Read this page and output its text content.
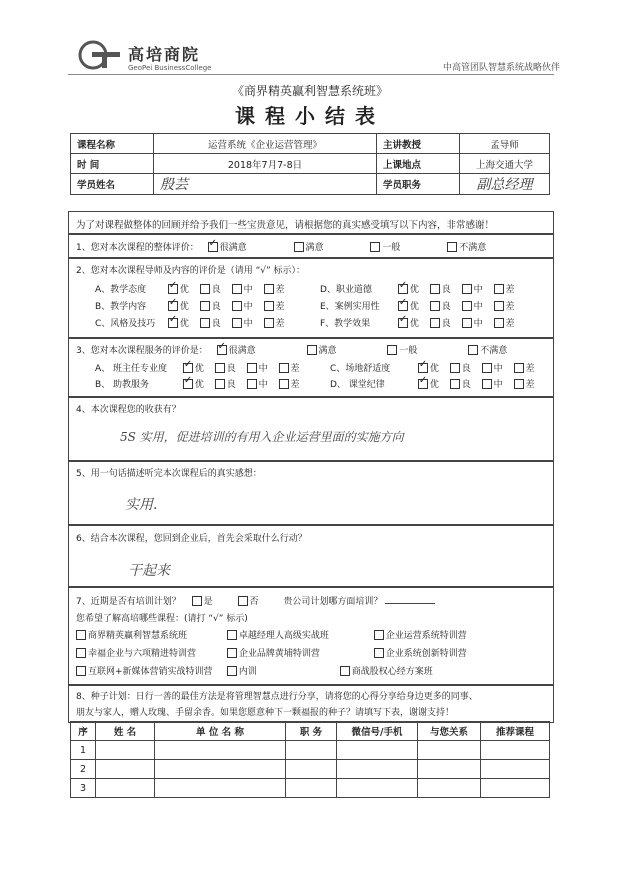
高培商院
GeoPei BusinessCollege	中高管团队智慧系统战略伙伴
《商界精英赢利智慧系统班》
课程小结表
课程名称	运营系统《企业运营管理》	主讲教授	孟导师
时 间	2018年7月7-8日	上课地点	上海交通大学
学员姓名	殷芸	学员职务	副总经理
为了对课程做整体的回顾并给予我们一些宝贵意见，请根据您的真实感受填写以下内容，非常感谢！
1、您对本次课程的整体评价： ✓ 很满意	满意	一般	不满意
2、您对本次课程导师及内容的评价是（请用 “√” 标示）：
A、教学态度 ✓	优	良	中	差	D、职业道德 ✓	优	良	中	差
B、教学内容 ✓	优	良	中	差	E、案例实用性 ✓	优	良	中	差
C、风格及技巧 ✓	优	良	中	差	F、教学效果 ✓	优	良	中	差
3、您对本次课程服务的评价是： ✓ 很满意	满意	一般	不满意
A、 班主任专业度 ✓	优	良	中	差	C、场地舒适度 ✓	优	良	中	差
B、 助教服务 ✓	优	良	中	差	D、 课堂纪律 ✓	优	良	中	差
4、本次课程您的收获有？
5S 实用，促进培训的有用入企业运营里面的实施方向
5、用一句话描述听完本次课程后的真实感想：
实用.
6、结合本次课程，您回到企业后，首先会采取什么行动？
干起来
7、近期是否有培训计划？	是	否	贵公司计划哪方面培训？
您希望了解高培哪些课程：(请打 “√” 标示)
商界精英赢利智慧系统班	卓越经理人高级实战班	企业运营系统特训营
幸福企业与六项精进特训营	企业品牌黄埔特训营	企业系统创新特训营
互联网+新媒体营销实战特训营	内训	商战股权心经方案班
8、种子计划：日行一善的最佳方法是将管理智慧点进行分享，请将您的心得分享给身边更多的同事、
朋友与家人，赠人玫瑰、手留余香。如果您愿意种下一颗福报的种子？请填写下表，谢谢支持！
序	姓 名	单 位 名 称	职 务	微信号/手机	与您关系	推荐课程
1						
2						
3						
